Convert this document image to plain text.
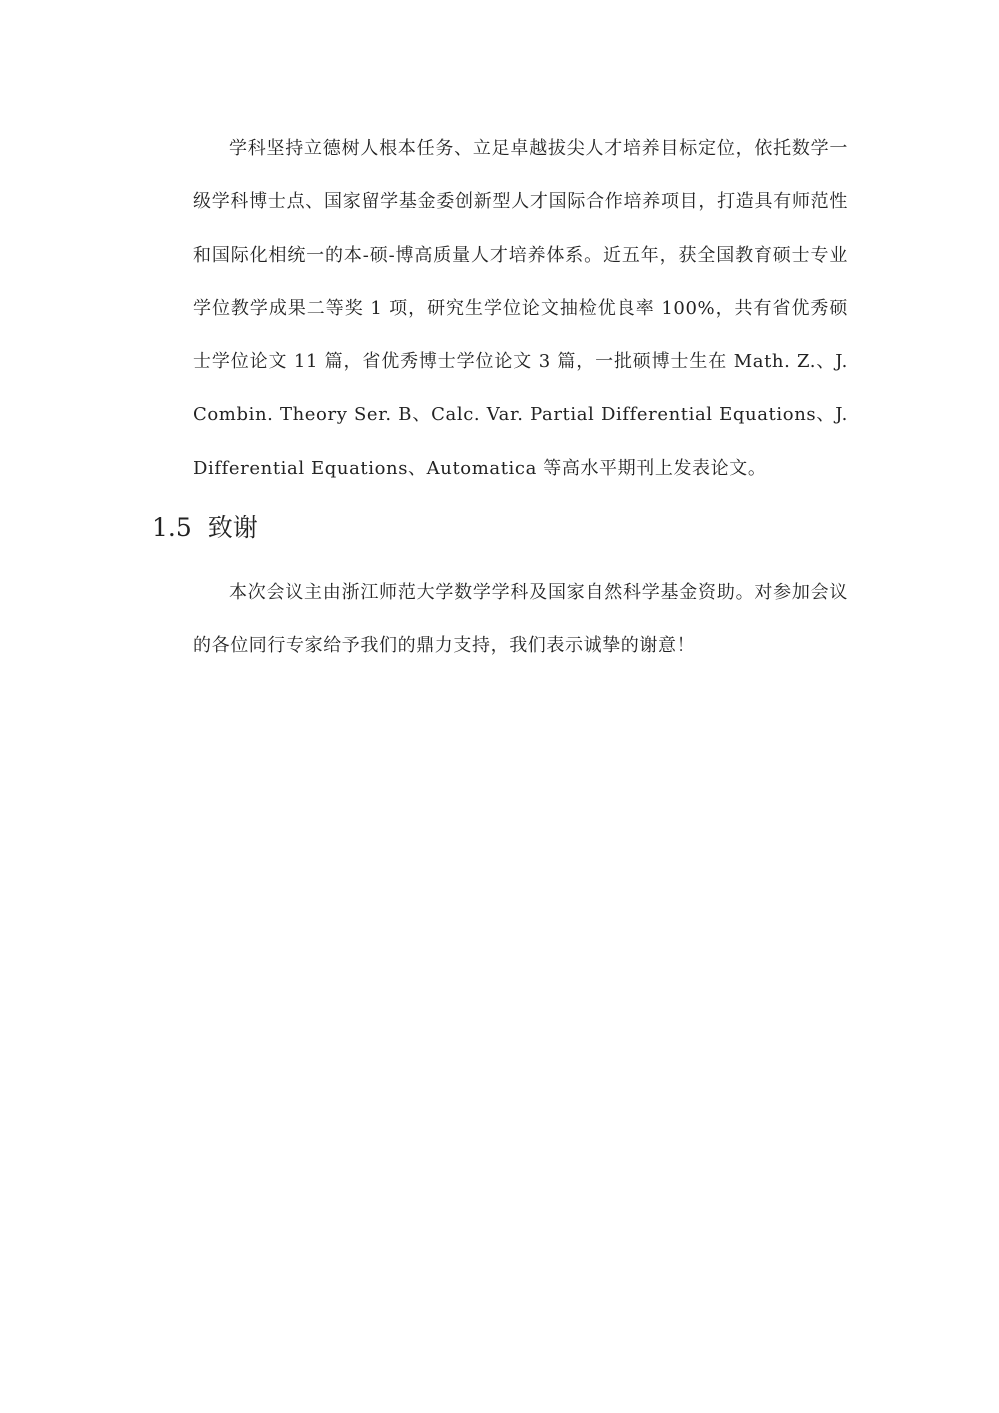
学科坚持立德树人根本任务、立足卓越拔尖人才培养目标定位，依托数学一级学科博士点、国家留学基金委创新型人才国际合作培养项目，打造具有师范性和国际化相统一的本-硕-博高质量人才培养体系。近五年，获全国教育硕士专业学位教学成果二等奖 1 项，研究生学位论文抽检优良率 100%，共有省优秀硕士学位论文 11 篇，省优秀博士学位论文 3 篇，一批硕博士生在 Math. Z.、J. Combin. Theory Ser. B、Calc. Var. Partial Differential Equations、J. Differential Equations、Automatica 等高水平期刊上发表论文。

1.5 致谢

本次会议主由浙江师范大学数学学科及国家自然科学基金资助。对参加会议的各位同行专家给予我们的鼎力支持，我们表示诚挚的谢意！
